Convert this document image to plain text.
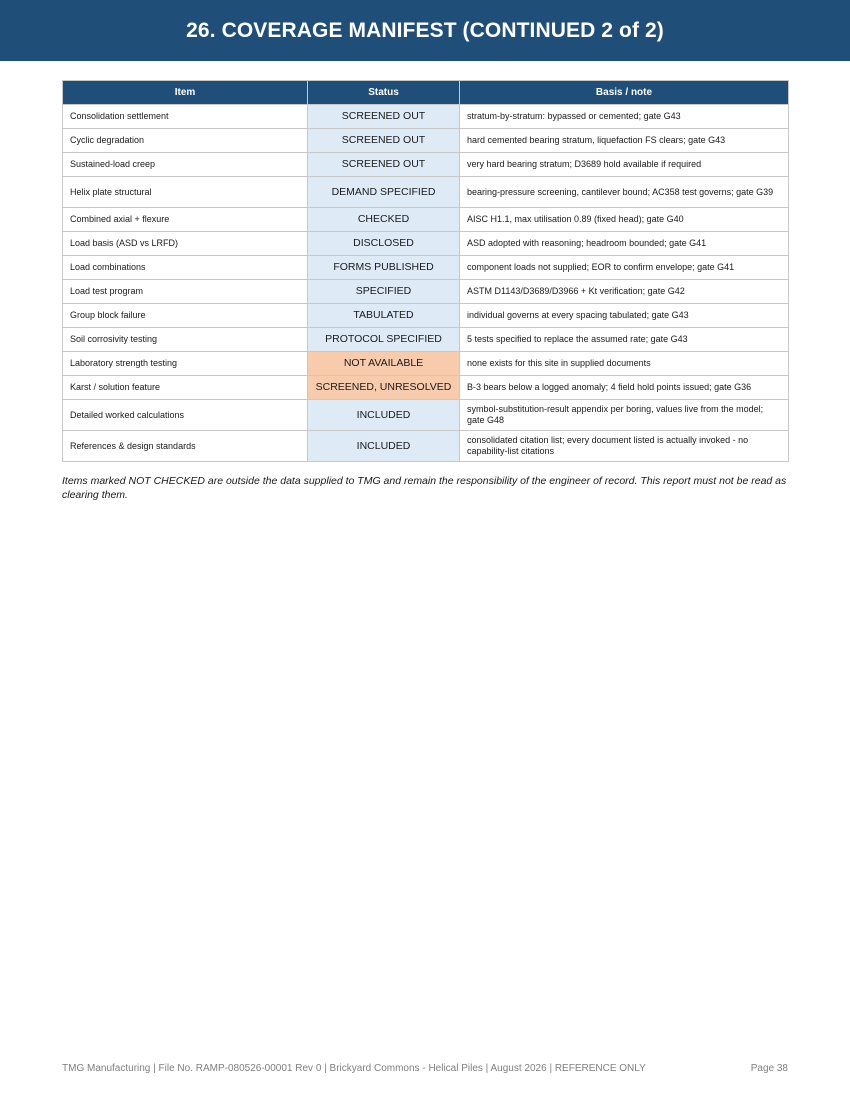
26. COVERAGE MANIFEST (CONTINUED 2 of 2)
Item	Status	Basis / note
Consolidation settlement	SCREENED OUT	stratum-by-stratum: bypassed or cemented; gate G43
Cyclic degradation	SCREENED OUT	hard cemented bearing stratum, liquefaction FS clears; gate G43
Sustained-load creep	SCREENED OUT	very hard bearing stratum; D3689 hold available if required
Helix plate structural	DEMAND SPECIFIED	bearing-pressure screening, cantilever bound; AC358 test governs; gate G39
Combined axial + flexure	CHECKED	AISC H1.1, max utilisation 0.89 (fixed head); gate G40
Load basis (ASD vs LRFD)	DISCLOSED	ASD adopted with reasoning; headroom bounded; gate G41
Load combinations	FORMS PUBLISHED	component loads not supplied; EOR to confirm envelope; gate G41
Load test program	SPECIFIED	ASTM D1143/D3689/D3966 + Kt verification; gate G42
Group block failure	TABULATED	individual governs at every spacing tabulated; gate G43
Soil corrosivity testing	PROTOCOL SPECIFIED	5 tests specified to replace the assumed rate; gate G43
Laboratory strength testing	NOT AVAILABLE	none exists for this site in supplied documents
Karst / solution feature	SCREENED, UNRESOLVED	B-3 bears below a logged anomaly; 4 field hold points issued; gate G36
Detailed worked calculations	INCLUDED	symbol-substitution-result appendix per boring, values live from the model; gate G48
References & design standards	INCLUDED	consolidated citation list; every document listed is actually invoked - no capability-list citations

Items marked NOT CHECKED are outside the data supplied to TMG and remain the responsibility of the engineer of record. This report must not be read as clearing them.

TMG Manufacturing | File No. RAMP-080526-00001 Rev 0 | Brickyard Commons - Helical Piles | August 2026 | REFERENCE ONLY	Page 38
